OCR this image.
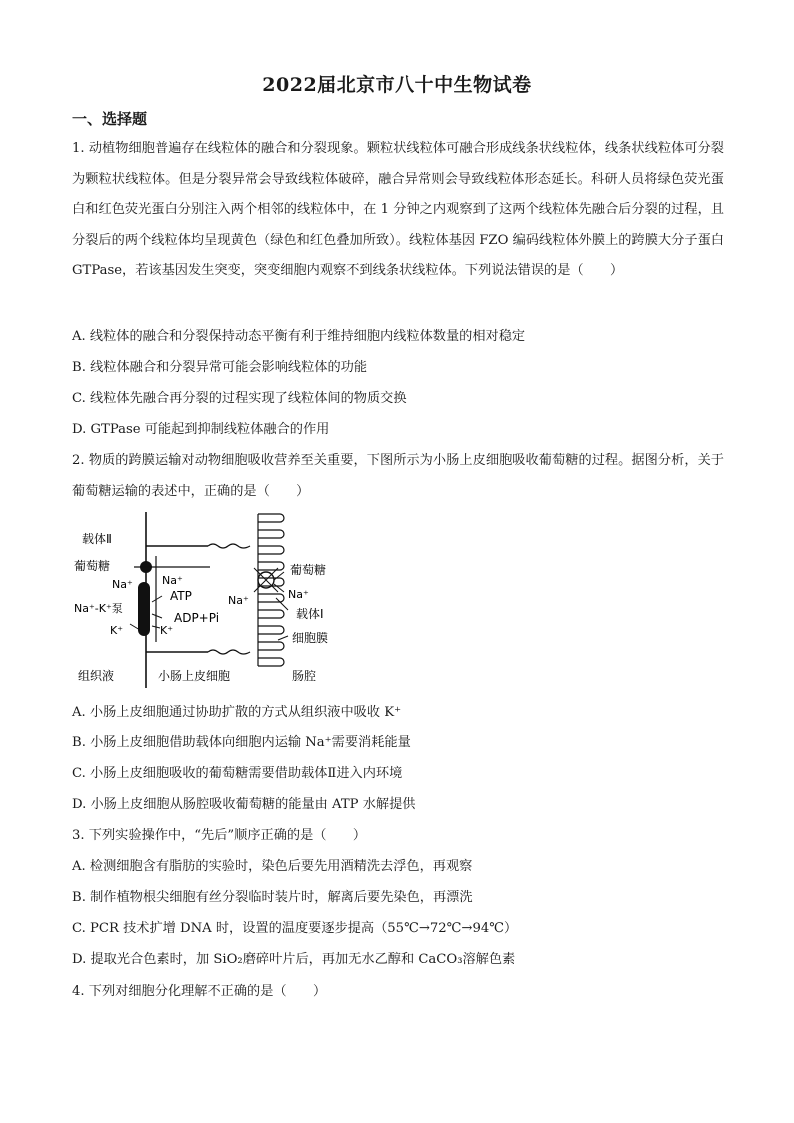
2022届北京市八十中生物试卷
一、选择题
1. 动植物细胞普遍存在线粒体的融合和分裂现象。颗粒状线粒体可融合形成线条状线粒体，线条状线粒体可分裂为颗粒状线粒体。但是分裂异常会导致线粒体破碎，融合异常则会导致线粒体形态延长。科研人员将绿色荧光蛋白和红色荧光蛋白分别注入两个相邻的线粒体中，在 1 分钟之内观察到了这两个线粒体先融合后分裂的过程，且分裂后的两个线粒体均呈现黄色（绿色和红色叠加所致）。线粒体基因 FZO 编码线粒体外膜上的跨膜大分子蛋白 GTPase，若该基因发生突变，突变细胞内观察不到线条状线粒体。下列说法错误的是（　　）
A. 线粒体的融合和分裂保持动态平衡有利于维持细胞内线粒体数量的相对稳定
B. 线粒体融合和分裂异常可能会影响线粒体的功能
C. 线粒体先融合再分裂的过程实现了线粒体间的物质交换
D. GTPase 可能起到抑制线粒体融合的作用
2. 物质的跨膜运输对动物细胞吸收营养至关重要，下图所示为小肠上皮细胞吸收葡萄糖的过程。据图分析，关于葡萄糖运输的表述中，正确的是（　　）
载体Ⅱ
葡萄糖
Na⁺	Na⁺
ATP
Na⁺-K⁺泵
ADP+Pi
K⁺	K⁺
葡萄糖
Na⁺	Na⁺
载体Ⅰ
细胞膜
组织液	小肠上皮细胞	肠腔
A. 小肠上皮细胞通过协助扩散的方式从组织液中吸收 K⁺
B. 小肠上皮细胞借助载体向细胞内运输 Na⁺需要消耗能量
C. 小肠上皮细胞吸收的葡萄糖需要借助载体Ⅱ进入内环境
D. 小肠上皮细胞从肠腔吸收葡萄糖的能量由 ATP 水解提供
3. 下列实验操作中，“先后”顺序正确的是（　　）
A. 检测细胞含有脂肪的实验时，染色后要先用酒精洗去浮色，再观察
B. 制作植物根尖细胞有丝分裂临时装片时，解离后要先染色，再漂洗
C. PCR 技术扩增 DNA 时，设置的温度要逐步提高（55℃→72℃→94℃）
D. 提取光合色素时，加 SiO₂磨碎叶片后，再加无水乙醇和 CaCO₃溶解色素
4. 下列对细胞分化理解不正确的是（　　）
